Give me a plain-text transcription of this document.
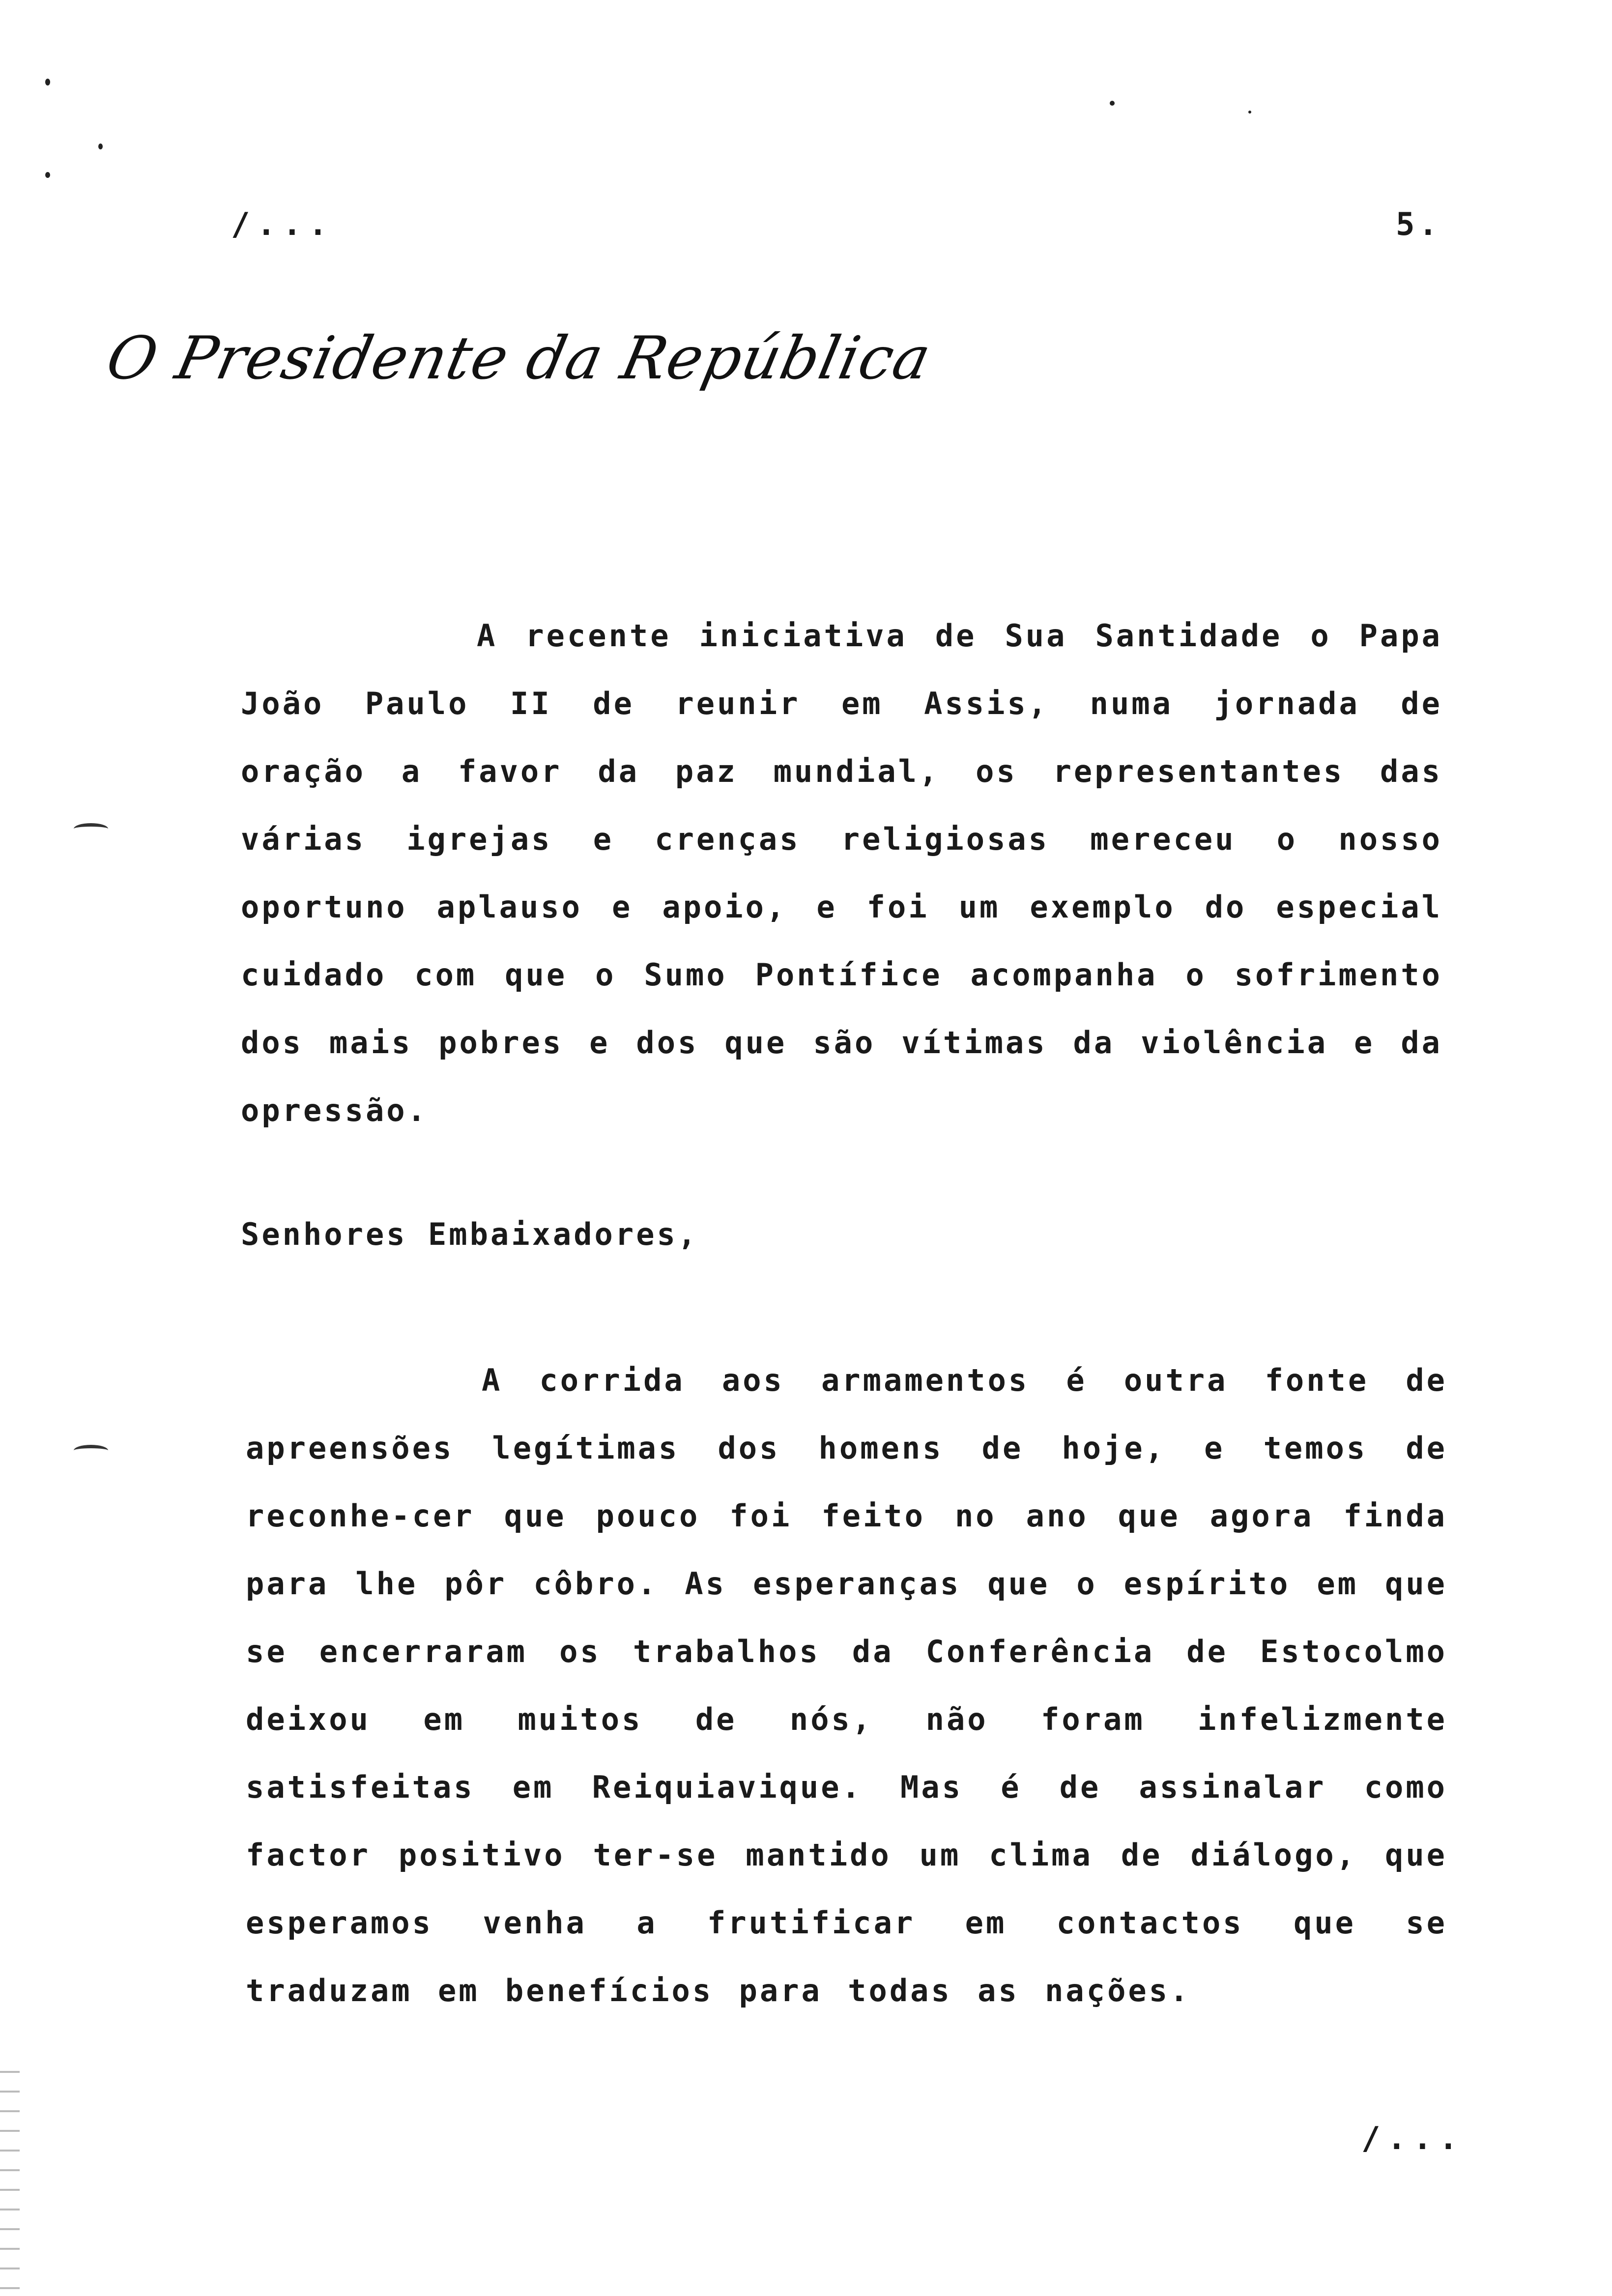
/...	5.
O Presidente da República

A recente iniciativa de Sua Santidade o Papa João Paulo II de reunir em Assis, numa jornada de oração a favor da paz mundial, os representantes das várias igrejas e crenças religiosas mereceu o nosso oportuno aplauso e apoio, e foi um exemplo do especial cuidado com que o Sumo Pontífice acompanha o sofrimento dos mais pobres e dos que são vítimas da violência e da opressão.

Senhores Embaixadores,

A corrida aos armamentos é outra fonte de apreensões legítimas dos homens de hoje, e temos de reconhe-cer que pouco foi feito no ano que agora finda para lhe pôr côbro. As esperanças que o espírito em que se encerraram os trabalhos da Conferência de Estocolmo deixou em muitos de nós, não foram infelizmente satisfeitas em Reiquiavique. Mas é de assinalar como factor positivo ter-se mantido um clima de diálogo, que esperamos venha a frutificar em contactos que se traduzam em benefícios para todas as nações.

/...
